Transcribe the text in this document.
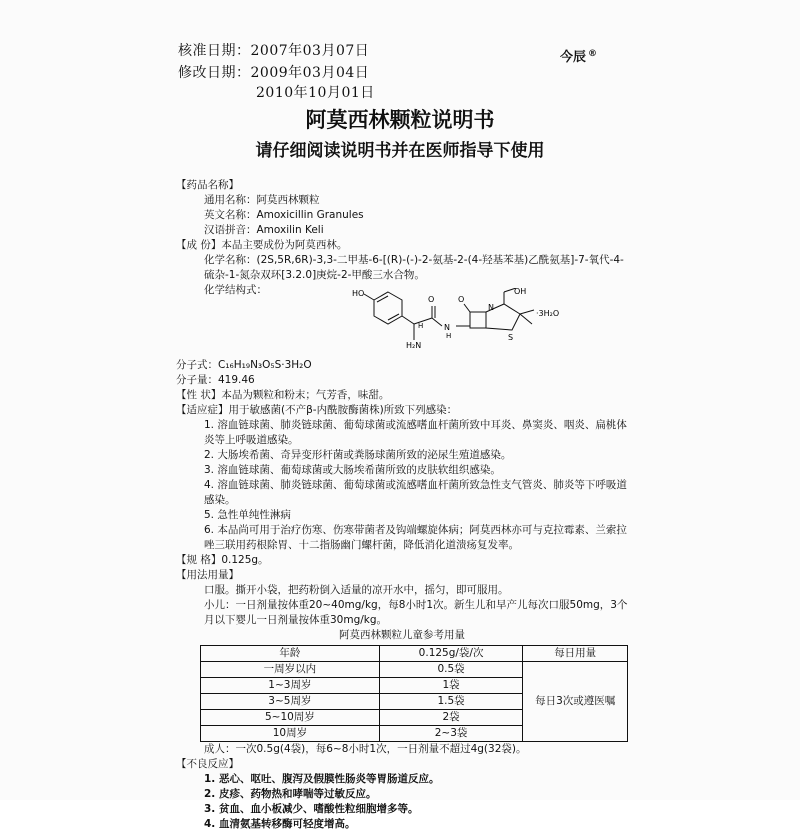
核准日期：2007年03月07日
修改日期：2009年03月04日
2010年10月01日
今辰 ®
阿莫西林颗粒说明书
请仔细阅读说明书并在医师指导下使用

【药品名称】

通用名称：阿莫西林颗粒

英文名称：Amoxicillin Granules

汉语拼音：Amoxilin Keli

【成 份】本品主要成份为阿莫西林。

化学名称：(2S,5R,6R)-3,3-二甲基-6-[(R)-(-)-2-氨基-2-(4-羟基苯基)乙酰氨基]-7-氧代-4-硫杂-1-氮杂双环[3.2.0]庚烷-2-甲酸三水合物。

化学结构式：	HO
H₂N
H	N
H
N
S
O	O
OH
·3H₂O

分子式：C₁₆H₁₉N₃O₅S·3H₂O

分子量：419.46

【性 状】本品为颗粒和粉末；气芳香，味甜。

【适应症】用于敏感菌(不产β-内酰胺酶菌株)所致下列感染：

1. 溶血链球菌、肺炎链球菌、葡萄球菌或流感嗜血杆菌所致中耳炎、鼻窦炎、咽炎、扁桃体炎等上呼吸道感染。

2. 大肠埃希菌、奇异变形杆菌或粪肠球菌所致的泌尿生殖道感染。

3. 溶血链球菌、葡萄球菌或大肠埃希菌所致的皮肤软组织感染。

4. 溶血链球菌、肺炎链球菌、葡萄球菌或流感嗜血杆菌所致急性支气管炎、肺炎等下呼吸道感染。

5. 急性单纯性淋病

6. 本品尚可用于治疗伤寒、伤寒带菌者及钩端螺旋体病；阿莫西林亦可与克拉霉素、兰索拉唑三联用药根除胃、十二指肠幽门螺杆菌，降低消化道溃疡复发率。

【规 格】0.125g。

【用法用量】

口服。撕开小袋，把药粉倒入适量的凉开水中，摇匀，即可服用。

小儿：一日剂量按体重20~40mg/kg，每8小时1次。新生儿和早产儿每次口服50mg，3个月以下婴儿一日剂量按体重30mg/kg。

阿莫西林颗粒儿童参考用量

年龄	0.125g/袋/次	每日用量
一周岁以内	0.5袋	每日3次或遵医嘱
1~3周岁	1袋	
3~5周岁	1.5袋	
5~10周岁	2袋	
10周岁	2~3袋	

成人：一次0.5g(4袋)，每6~8小时1次，一日剂量不超过4g(32袋)。

【不良反应】

1. 恶心、呕吐、腹泻及假膜性肠炎等胃肠道反应。

2. 皮疹、药物热和哮喘等过敏反应。

3. 贫血、血小板减少、嗜酸性粒细胞增多等。

4. 血清氨基转移酶可轻度增高。
